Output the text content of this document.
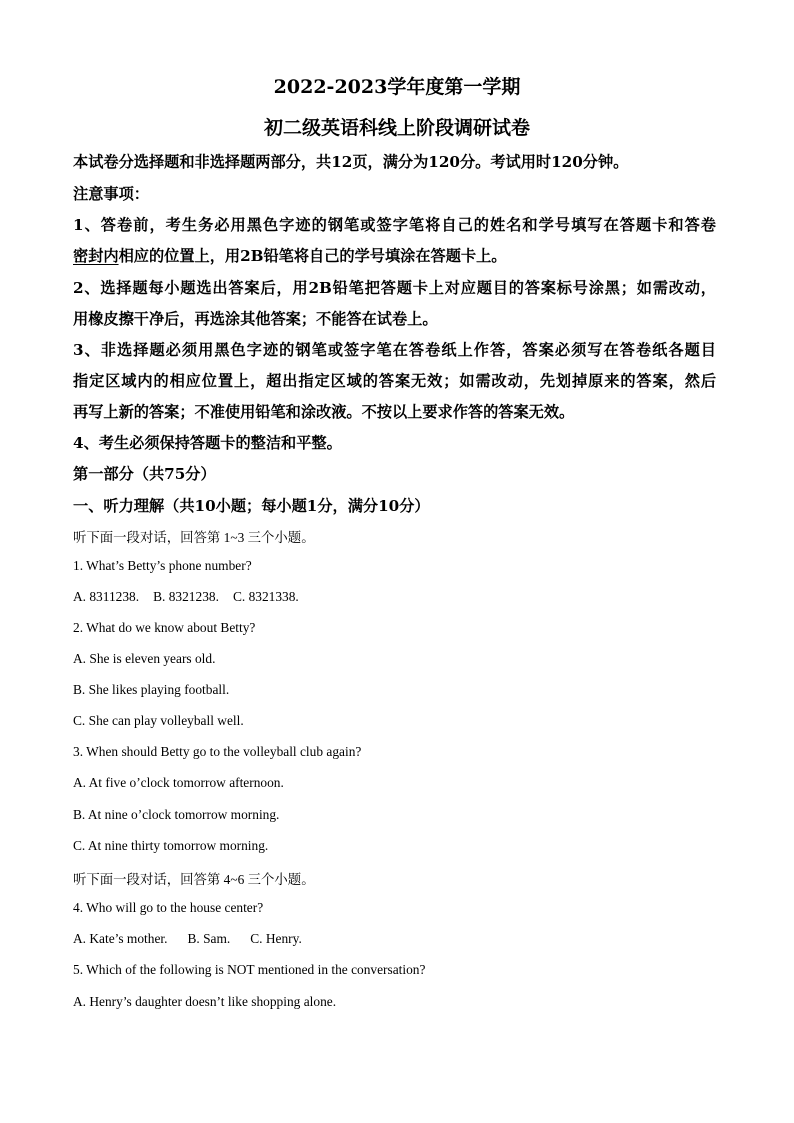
2022-2023学年度第一学期
初二级英语科线上阶段调研试卷
本试卷分选择题和非选择题两部分，共12页，满分为120分。考试用时120分钟。
注意事项：
1、答卷前，考生务必用黑色字迹的钢笔或签字笔将自己的姓名和学号填写在答题卡和答卷
密封内相应的位置上，用2B铅笔将自己的学号填涂在答题卡上。
2、选择题每小题选出答案后，用2B铅笔把答题卡上对应题目的答案标号涂黑；如需改动，
用橡皮擦干净后，再选涂其他答案；不能答在试卷上。
3、非选择题必须用黑色字迹的钢笔或签字笔在答卷纸上作答，答案必须写在答卷纸各题目
指定区域内的相应位置上，超出指定区域的答案无效；如需改动，先划掉原来的答案，然后
再写上新的答案；不准使用铅笔和涂改液。不按以上要求作答的答案无效。
4、考生必须保持答题卡的整洁和平整。
第一部分（共75分）
一、听力理解（共10小题；每小题1分，满分10分）
听下面一段对话，回答第 1~3 三个小题。
1. What’s Betty’s phone number?
A. 8311238. B. 8321238. C. 8321338.
2. What do we know about Betty?
A. She is eleven years old.
B. She likes playing football.
C. She can play volleyball well.
3. When should Betty go to the volleyball club again?
A. At five o’clock tomorrow afternoon.
B. At nine o’clock tomorrow morning.
C. At nine thirty tomorrow morning.
听下面一段对话，回答第 4~6 三个小题。
4. Who will go to the house center?
A. Kate’s mother. B. Sam. C. Henry.
5. Which of the following is NOT mentioned in the conversation?
A. Henry’s daughter doesn’t like shopping alone.
